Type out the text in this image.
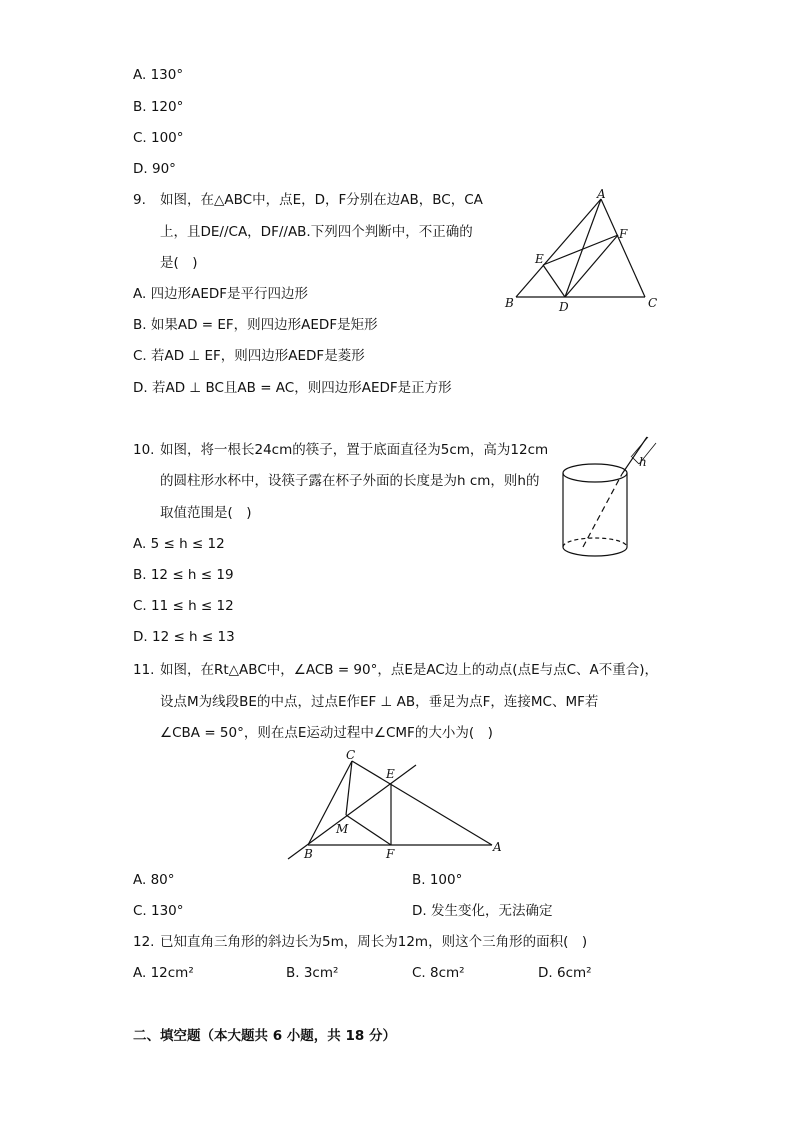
A. 130°
B. 120°
C. 100°
D. 90°
9. 如图，在△ABC中，点E，D，F分别在边AB，BC，CA
上，且DE//CA，DF//AB.下列四个判断中，不正确的
是(　)
A. 四边形AEDF是平行四边形
B. 如果AD = EF，则四边形AEDF是矩形
C. 若AD ⊥ EF，则四边形AEDF是菱形
D. 若AD ⊥ BC且AB = AC，则四边形AEDF是正方形
A
B	C
D
E
F
10. 如图，将一根长24cm的筷子，置于底面直径为5cm，高为12cm
的圆柱形水杯中，设筷子露在杯子外面的长度是为h cm，则h的
取值范围是(　)
A. 5 ≤ h ≤ 12
B. 12 ≤ h ≤ 19
C. 11 ≤ h ≤ 12
D. 12 ≤ h ≤ 13
h
11. 如图，在Rt△ABC中，∠ACB = 90°，点E是AC边上的动点(点E与点C、A不重合)，
设点M为线段BE的中点，过点E作EF ⊥ AB，垂足为点F，连接MC、MF若
∠CBA = 50°，则在点E运动过程中∠CMF的大小为(　)
C
E
M
B	F	A
A. 80°	B. 100°
C. 130°	D. 发生变化，无法确定
12. 已知直角三角形的斜边长为5m，周长为12m，则这个三角形的面积(　)
A. 12cm²	B. 3cm²	C. 8cm²	D. 6cm²
二、填空题（本大题共 6 小题，共 18 分）
